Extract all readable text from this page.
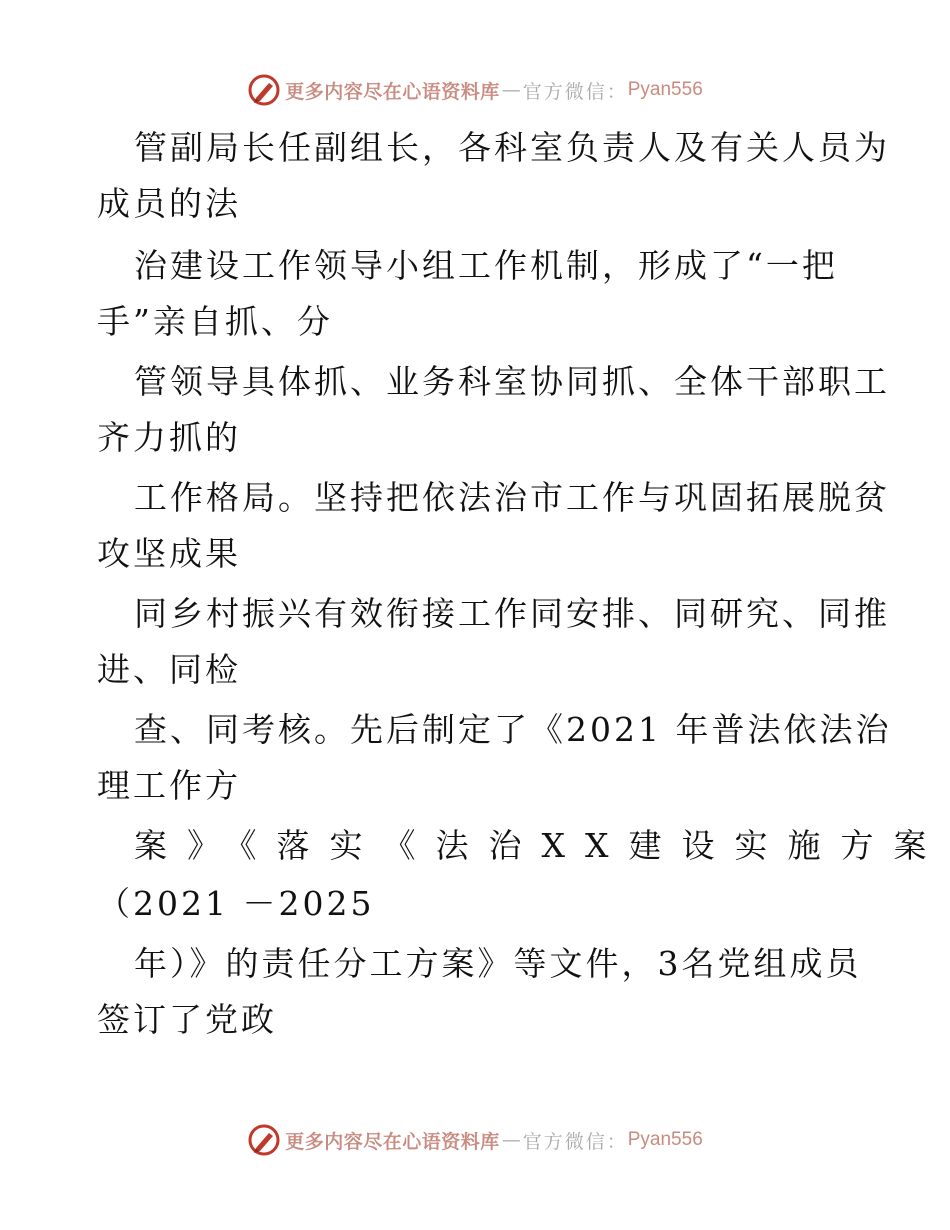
更多内容尽在心语资料库 — 官方微信： Pyan556
管副局长任副组长，各科室负责人及有关人员为
成员的法
治建设工作领导小组工作机制，形成了“一把
手”亲自抓、分
管领导具体抓、业务科室协同抓、全体干部职工
齐力抓的
工作格局。坚持把依法治市工作与巩固拓展脱贫
攻坚成果
同乡村振兴有效衔接工作同安排、同研究、同推
进、同检
查、同考核。先后制定了《2021 年普法依法治
理工作方
案》《落实《法治XX建设实施方案
（2021 －2025
年）》的责任分工方案》等文件，3名党组成员
签订了党政
更多内容尽在心语资料库 — 官方微信： Pyan556
